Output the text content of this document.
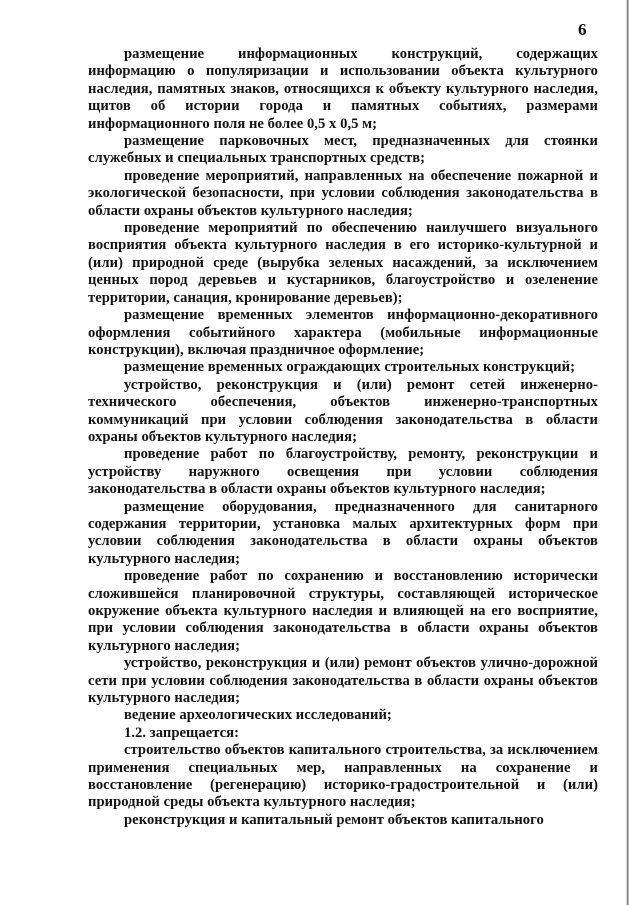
6

размещение информационных конструкций, содержащих информацию о популяризации и использовании объекта культурного наследия, памятных знаков, относящихся к объекту культурного наследия, щитов об истории города и памятных событиях, размерами информационного поля не более 0,5 х 0,5 м;

размещение парковочных мест, предназначенных для стоянки служебных и специальных транспортных средств;

проведение мероприятий, направленных на обеспечение пожарной и экологической безопасности, при условии соблюдения законодательства в области охраны объектов культурного наследия;

проведение мероприятий по обеспечению наилучшего визуального восприятия объекта культурного наследия в его историко-культурной и (или) природной среде (вырубка зеленых насаждений, за исключением ценных пород деревьев и кустарников, благоустройство и озеленение территории, санация, кронирование деревьев);

размещение временных элементов информационно-декоративного оформления событийного характера (мобильные информационные конструкции), включая праздничное оформление;

размещение временных ограждающих строительных конструкций;

устройство, реконструкция и (или) ремонт сетей инженерно-технического обеспечения, объектов инженерно-транспортных коммуникаций при условии соблюдения законодательства в области охраны объектов культурного наследия;

проведение работ по благоустройству, ремонту, реконструкции и устройству наружного освещения при условии соблюдения законодательства в области охраны объектов культурного наследия;

размещение оборудования, предназначенного для санитарного содержания территории, установка малых архитектурных форм при условии соблюдения законодательства в области охраны объектов культурного наследия;

проведение работ по сохранению и восстановлению исторически сложившейся планировочной структуры, составляющей историческое окружение объекта культурного наследия и влияющей на его восприятие, при условии соблюдения законодательства в области охраны объектов культурного наследия;

устройство, реконструкция и (или) ремонт объектов улично-дорожной сети при условии соблюдения законодательства в области охраны объектов культурного наследия;

ведение археологических исследований;

1.2. запрещается:

строительство объектов капитального строительства, за исключением применения специальных мер, направленных на сохранение и восстановление (регенерацию) историко-градостроительной и (или) природной среды объекта культурного наследия;

реконструкция и капитальный ремонт объектов капитального
